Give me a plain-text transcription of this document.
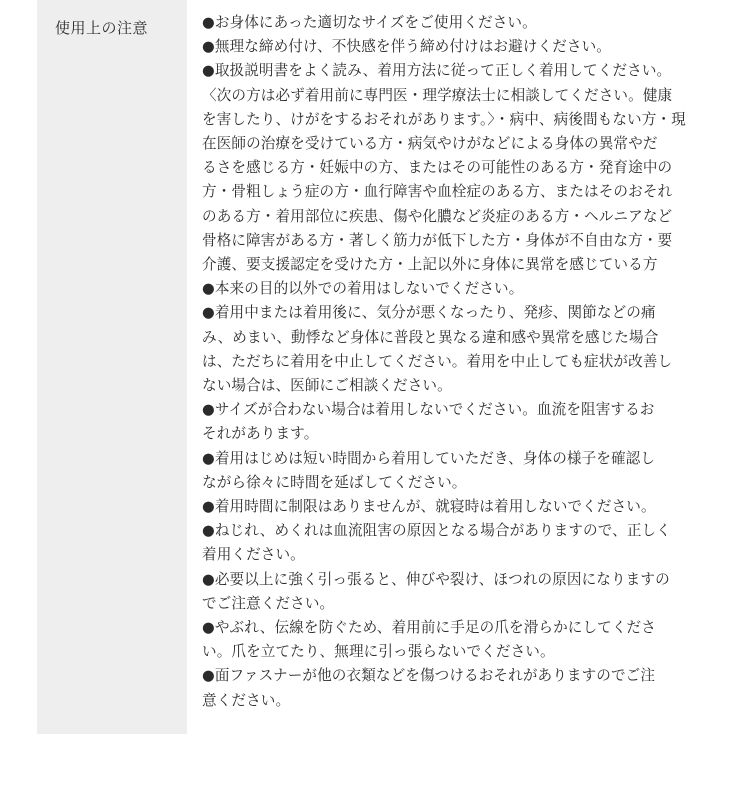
使用上の注意	●お身体にあった適切なサイズをご使用ください。

●無理な締め付け、不快感を伴う締め付けはお避けください。

●取扱説明書をよく読み、着用方法に従って正しく着用してください。
〈次の方は必ず着用前に専門医・理学療法士に相談してください。健康
を害したり、けがをするおそれがあります。〉・病中、病後間もない方・現
在医師の治療を受けている方・病気やけがなどによる身体の異常やだ
るさを感じる方・妊娠中の方、またはその可能性のある方・発育途中の
方・骨粗しょう症の方・血行障害や血栓症のある方、またはそのおそれ
のある方・着用部位に疾患、傷や化膿など炎症のある方・ヘルニアなど
骨格に障害がある方・著しく筋力が低下した方・身体が不自由な方・要
介護、要支援認定を受けた方・上記以外に身体に異常を感じている方

●本来の目的以外での着用はしないでください。

●着用中または着用後に、気分が悪くなったり、発疹、関節などの痛
み、めまい、動悸など身体に普段と異なる違和感や異常を感じた場合
は、ただちに着用を中止してください。着用を中止しても症状が改善し
ない場合は、医師にご相談ください。

●サイズが合わない場合は着用しないでください。血流を阻害するお
それがあります。

●着用はじめは短い時間から着用していただき、身体の様子を確認し
ながら徐々に時間を延ばしてください。

●着用時間に制限はありませんが、就寝時は着用しないでください。

●ねじれ、めくれは血流阻害の原因となる場合がありますので、正しく
着用ください。

●必要以上に強く引っ張ると、伸びや裂け、ほつれの原因になりますの
でご注意ください。

●やぶれ、伝線を防ぐため、着用前に手足の爪を滑らかにしてくださ
い。爪を立てたり、無理に引っ張らないでください。

●面ファスナーが他の衣類などを傷つけるおそれがありますのでご注
意ください。
